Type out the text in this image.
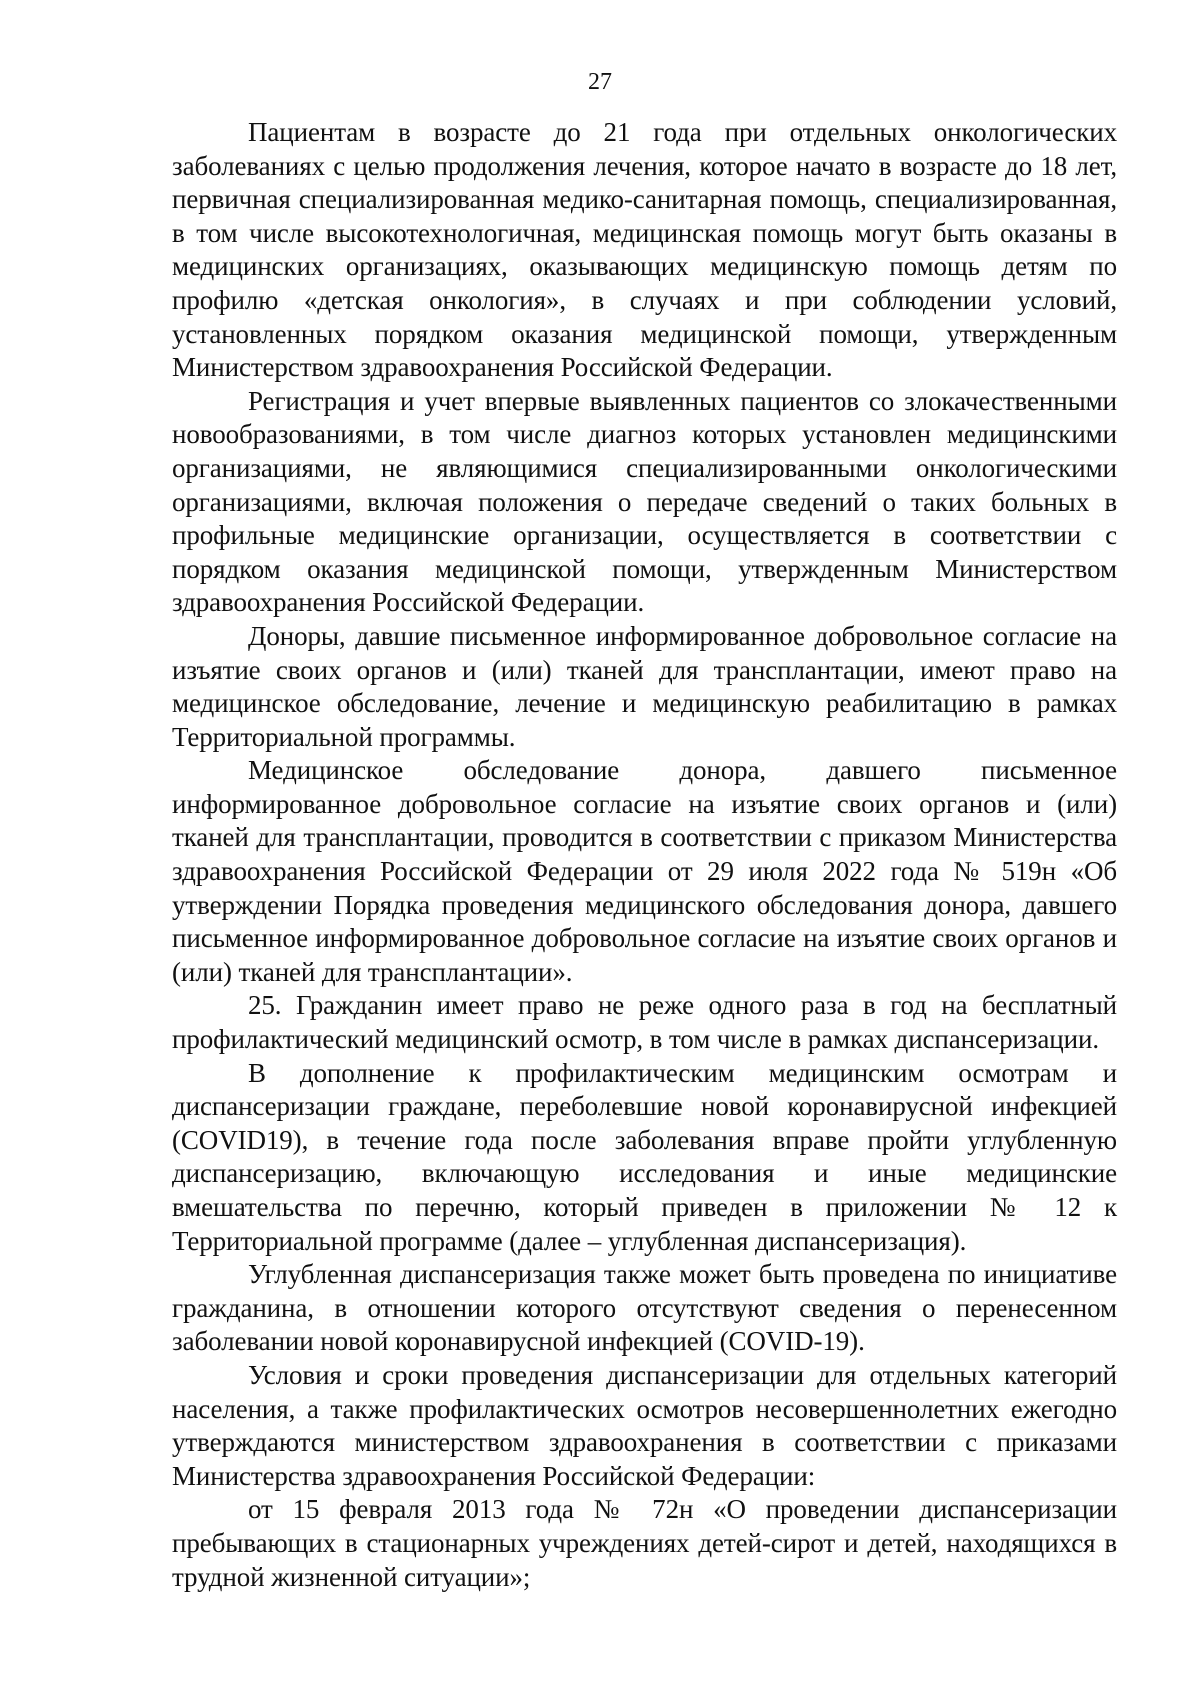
27

Пациентам в возрасте до 21 года при отдельных онкологических заболеваниях с целью продолжения лечения, которое начато в возрасте до 18 лет, первичная специализированная медико-санитарная помощь, специализированная, в том числе высокотехнологичная, медицинская помощь могут быть оказаны в медицинских организациях, оказывающих медицинскую помощь детям по профилю «детская онкология», в случаях и при соблюдении условий, установленных порядком оказания медицинской помощи, утвержденным Министерством здравоохранения Российской Федерации.

Регистрация и учет впервые выявленных пациентов со злокачественными новообразованиями, в том числе диагноз которых установлен медицинскими организациями, не являющимися специализированными онкологическими организациями, включая положения о передаче сведений о таких больных в профильные медицинские организации, осуществляется в соответствии с порядком оказания медицинской помощи, утвержденным Министерством здравоохранения Российской Федерации.

Доноры, давшие письменное информированное добровольное согласие на изъятие своих органов и (или) тканей для трансплантации, имеют право на медицинское обследование, лечение и медицинскую реабилитацию в рамках Территориальной программы.

Медицинское обследование донора, давшего письменное информированное добровольное согласие на изъятие своих органов и (или) тканей для трансплантации, проводится в соответствии с приказом Министерства здравоохранения Российской Федерации от 29 июля 2022 года № 519н «Об утверждении Порядка проведения медицинского обследования донора, давшего письменное информированное добровольное согласие на изъятие своих органов и (или) тканей для трансплантации».

25. Гражданин имеет право не реже одного раза в год на бесплатный профилактический медицинский осмотр, в том числе в рамках диспансеризации.

В дополнение к профилактическим медицинским осмотрам и диспансеризации граждане, переболевшие новой коронавирусной инфекцией (COVID19), в течение года после заболевания вправе пройти углубленную диспансеризацию, включающую исследования и иные медицинские вмешательства по перечню, который приведен в приложении № 12 к Территориальной программе (далее – углубленная диспансеризация).

Углубленная диспансеризация также может быть проведена по инициативе гражданина, в отношении которого отсутствуют сведения о перенесенном заболевании новой коронавирусной инфекцией (COVID-19).

Условия и сроки проведения диспансеризации для отдельных категорий населения, а также профилактических осмотров несовершеннолетних ежегодно утверждаются министерством здравоохранения в соответствии с приказами Министерства здравоохранения Российской Федерации:

от 15 февраля 2013 года № 72н «О проведении диспансеризации пребывающих в стационарных учреждениях детей-сирот и детей, находящихся в трудной жизненной ситуации»;
